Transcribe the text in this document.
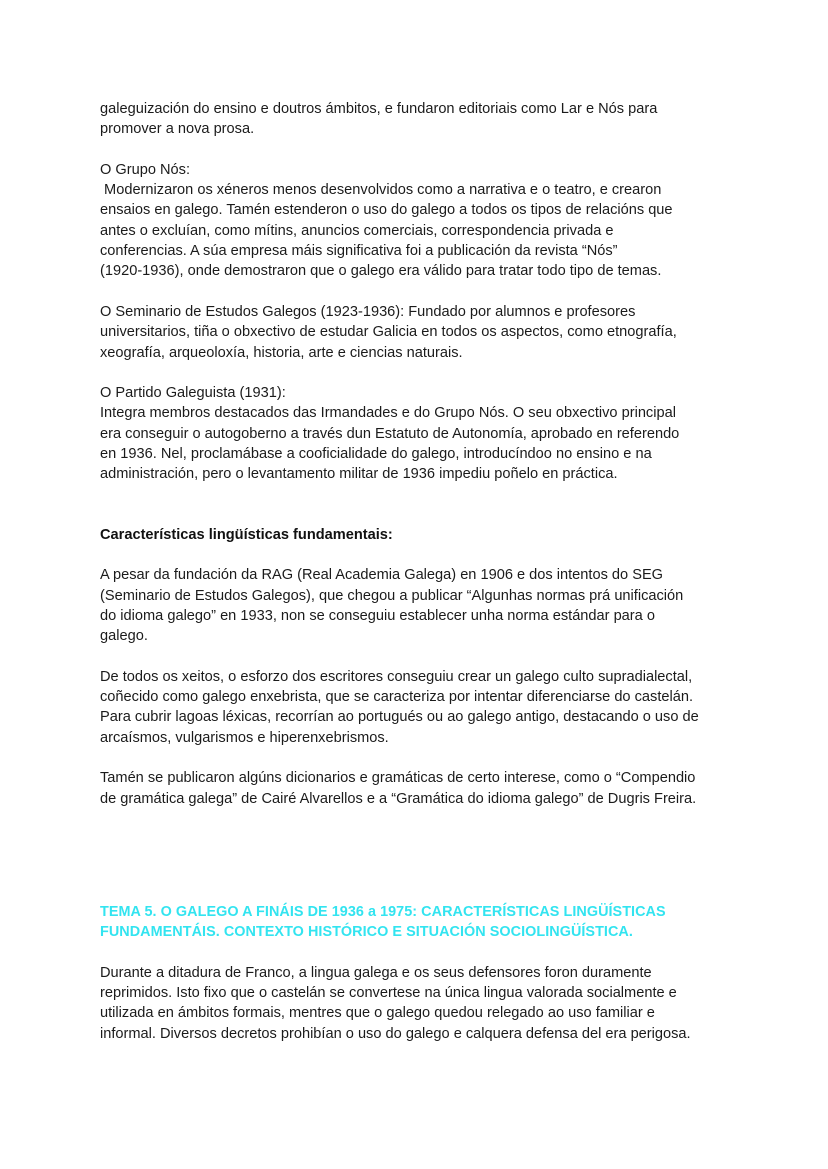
galeguización do ensino e doutros ámbitos, e fundaron editoriais como Lar e Nós para
promover a nova prosa.
O Grupo Nós:
Modernizaron os xéneros menos desenvolvidos como a narrativa e o teatro, e crearon
ensaios en galego. Tamén estenderon o uso do galego a todos os tipos de relacións que
antes o excluían, como mítins, anuncios comerciais, correspondencia privada e
conferencias. A súa empresa máis significativa foi a publicación da revista “Nós”
(1920-1936), onde demostraron que o galego era válido para tratar todo tipo de temas.
O Seminario de Estudos Galegos (1923-1936): Fundado por alumnos e profesores
universitarios, tiña o obxectivo de estudar Galicia en todos os aspectos, como etnografía,
xeografía, arqueoloxía, historia, arte e ciencias naturais.
O Partido Galeguista (1931):
Integra membros destacados das Irmandades e do Grupo Nós. O seu obxectivo principal
era conseguir o autogoberno a través dun Estatuto de Autonomía, aprobado en referendo
en 1936. Nel, proclamábase a cooficialidade do galego, introducíndoo no ensino e na
administración, pero o levantamento militar de 1936 impediu poñelo en práctica.
Características lingüísticas fundamentais:
A pesar da fundación da RAG (Real Academia Galega) en 1906 e dos intentos do SEG
(Seminario de Estudos Galegos), que chegou a publicar “Algunhas normas prá unificación
do idioma galego” en 1933, non se conseguiu establecer unha norma estándar para o
galego.
De todos os xeitos, o esforzo dos escritores conseguiu crear un galego culto supradialectal,
coñecido como galego enxebrista, que se caracteriza por intentar diferenciarse do castelán.
Para cubrir lagoas léxicas, recorrían ao portugués ou ao galego antigo, destacando o uso de
arcaísmos, vulgarismos e hiperenxebrismos.
Tamén se publicaron algúns dicionarios e gramáticas de certo interese, como o “Compendio
de gramática galega” de Cairé Alvarellos e a “Gramática do idioma galego” de Dugris Freira.
TEMA 5. O GALEGO A FINÁIS DE 1936 a 1975: CARACTERÍSTICAS LINGÜÍSTICAS
FUNDAMENTÁIS. CONTEXTO HISTÓRICO E SITUACIÓN SOCIOLINGÜÍSTICA.
Durante a ditadura de Franco, a lingua galega e os seus defensores foron duramente
reprimidos. Isto fixo que o castelán se convertese na única lingua valorada socialmente e
utilizada en ámbitos formais, mentres que o galego quedou relegado ao uso familiar e
informal. Diversos decretos prohibían o uso do galego e calquera defensa del era perigosa.
